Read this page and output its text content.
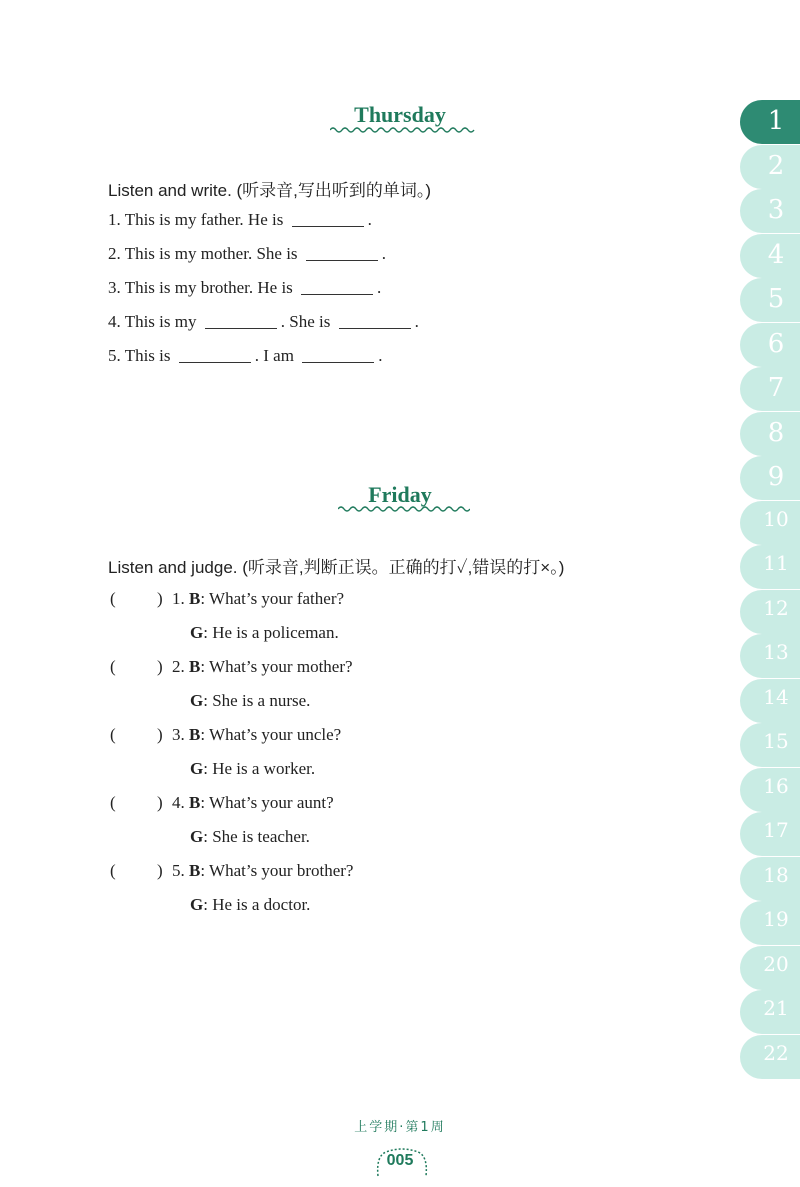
Thursday
Listen and write. (听录音,写出听到的单词。)
1. This is my father. He is	.
2. This is my mother. She is	.
3. This is my brother. He is	.
4. This is my	. She is	.
5. This is	. I am	.
Friday
Listen and judge. (听录音,判断正误。正确的打✓,错误的打×。)
( ) 1. B: What’s your father?
G: He is a policeman.
( ) 2. B: What’s your mother?
G: She is a nurse.
( ) 3. B: What’s your uncle?
G: He is a worker.
( ) 4. B: What’s your aunt?
G: She is teacher.
( ) 5. B: What’s your brother?
G: He is a doctor.
1
2
3
4
5
6
7
8
9
10
11
12
13
14
15
16
17
18
19
20
21
22
上学期·第1周
005
